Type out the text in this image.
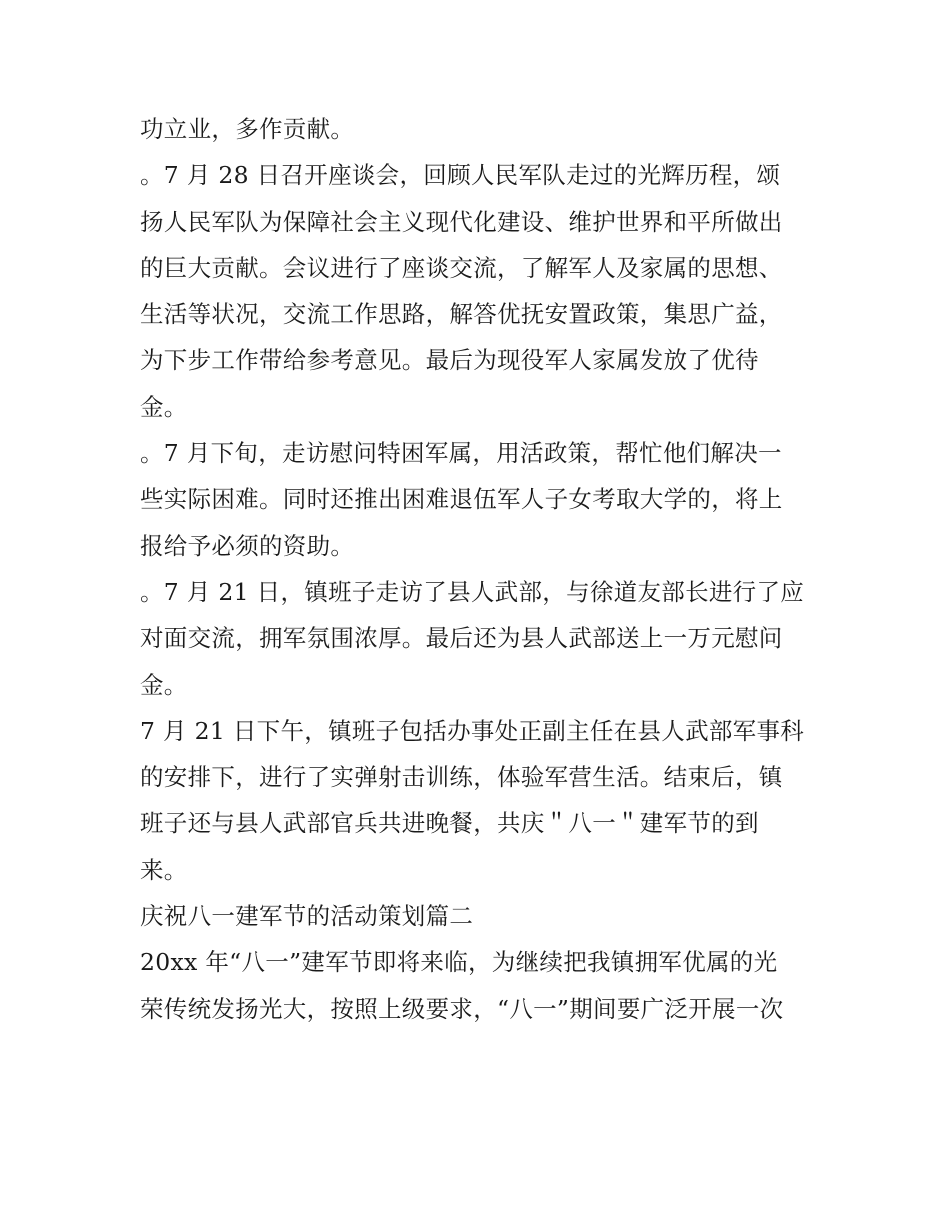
功立业，多作贡献。
。7 月 28 日召开座谈会，回顾人民军队走过的光辉历程，颂
扬人民军队为保障社会主义现代化建设、维护世界和平所做出
的巨大贡献。会议进行了座谈交流，了解军人及家属的思想、
生活等状况，交流工作思路，解答优抚安置政策，集思广益，
为下步工作带给参考意见。最后为现役军人家属发放了优待
金。
。7 月下旬，走访慰问特困军属，用活政策，帮忙他们解决一
些实际困难。同时还推出困难退伍军人子女考取大学的，将上
报给予必须的资助。
。7 月 21 日，镇班子走访了县人武部，与徐道友部长进行了应
对面交流，拥军氛围浓厚。最后还为县人武部送上一万元慰问
金。
7 月 21 日下午，镇班子包括办事处正副主任在县人武部军事科
的安排下，进行了实弹射击训练，体验军营生活。结束后，镇
班子还与县人武部官兵共进晚餐，共庆＂八一＂建军节的到
来。
庆祝八一建军节的活动策划篇二
20xx 年“八一”建军节即将来临，为继续把我镇拥军优属的光
荣传统发扬光大，按照上级要求，“八一”期间要广泛开展一次
